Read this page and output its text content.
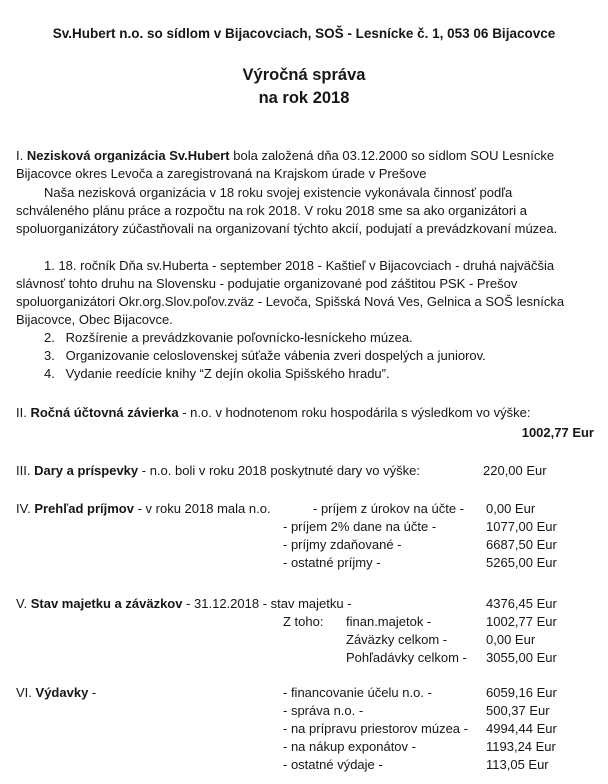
Sv.Hubert n.o. so sídlom v Bijacovciach, SOŠ - Lesnícke č. 1, 053 06 Bijacovce
Výročná správa
na rok 2018
I. Nezisková organizácia Sv.Hubert bola založená dňa 03.12.2000 so sídlom SOU Lesnícke
Bijacovce okres Levoča a zaregistrovaná na Krajskom úrade v Prešove
Naša nezisková organizácia v 18 roku svojej existencie vykonávala činnosť podľa
schváleného plánu práce a rozpočtu na rok 2018. V roku 2018 sme sa ako organizátori a
spoluorganizátory zúčastňovali na organizovaní týchto akcií, podujatí a prevádzkovaní múzea.
1. 18. ročník Dňa sv.Huberta - september 2018 - Kaštieľ v Bijacovciach - druhá najväčšia
slávnosť tohto druhu na Slovensku - podujatie organizované pod záštitou PSK - Prešov
spoluorganizátori Okr.org.Slov.poľov.zväz - Levoča, Spišská Nová Ves, Gelnica a SOŠ lesnícka
Bijacovce, Obec Bijacovce.
2. Rozšírenie a prevádzkovanie poľovnícko-lesníckeho múzea.
3. Organizovanie celoslovenskej súťaže vábenia zveri dospelých a juniorov.
4. Vydanie reedície knihy “Z dejín okolia Spišského hradu”.
II. Ročná účtovná závierka - n.o. v hodnotenom roku hospodárila s výsledkom vo výške:
1002,77 Eur
III. Dary a príspevky - n.o. boli v roku 2018 poskytnuté dary vo výške:	220,00 Eur
IV. Prehľad príjmov - v roku 2018 mala n.o.	- príjem z úrokov na účte - 0,00 Eur
- príjem 2% dane na účte -	1077,00 Eur
- príjmy zdaňované -	6687,50 Eur
- ostatné príjmy -	5265,00 Eur
V. Stav majetku a záväzkov - 31.12.2018 - stav majetku -	4376,45 Eur
Z toho: finan.majetok -	1002,77 Eur
Záväzky celkom -	0,00 Eur
Pohľadávky celkom - 3055,00 Eur
VI. Výdavky -	- financovanie účelu n.o. -	6059,16 Eur
- správa n.o. -	500,37 Eur
- na prípravu priestorov múzea - 4994,44 Eur
- na nákup exponátov -	1193,24 Eur
- ostatné výdaje -	113,05 Eur
